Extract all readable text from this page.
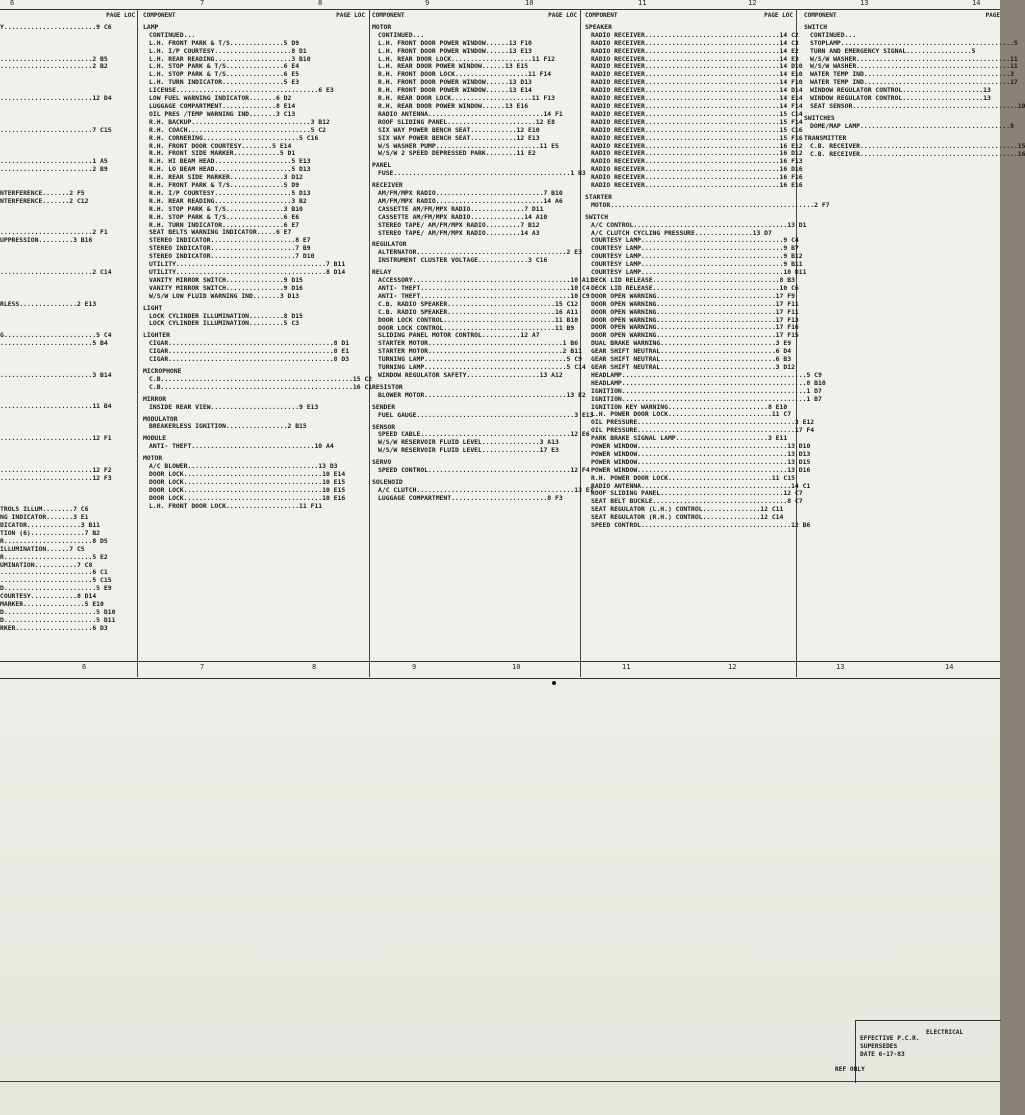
6	7	8	9	10	11	12	13	14
6	7	8	9	10	11	12	13	14
PAGE LOC
Y........................9 C6

........................2 B5
........................2 B2

........................12 D4

........................7 C15

........................1 A5
........................2 B9

NTERFERENCE.......2 F5
NTERFERENCE.......2 C12

........................2 F1
UPPRESSION.........3 B16

........................2 C14

RLESS...............2 E13

G........................5 C4
........................5 B4

........................3 B14

........................11 B4

........................12 F1

........................12 F2
........................12 F3

TROLS ILLUM........7 C6
NG INDICATOR.......3 E1
DICATOR..............3 B11
TION (6)..............7 B2
R.......................8 D5
ILLUMINATION......7 C5
R.......................5 E2
UMINATION...........7 C8
........................6 C1
........................5 C15
D........................5 E9
COURTESY............8 D14
MARKER................5 E10
D........................5 D10
D........................5 D11
RKER....................6 D3
COMPONENT	PAGE LOC
LAMP
CONTINUED...
L.H. FRONT PARK & T/S..............5 D9
L.H. I/P COURTESY....................8 D1
L.H. REAR READING....................3 B10
L.H. STOP PARK & T/S...............6 E4
L.H. STOP PARK & T/S...............6 E5
L.H. TURN INDICATOR................5 E3
LICENSE.....................................6 E3
LOW FUEL WARNING INDICATOR.......6 D2
LUGGAGE COMPARTMENT..............8 E14
OIL PRES /TEMP WARNING IND.......3 C13
R.H. BACKUP...............................3 B12
R.H. COACH................................5 C2
R.H. CORNERING.........................5 C16
R.H. FRONT DOOR COURTESY........5 E14
R.H. FRONT SIDE MARKER............5 D1
R.H. HI BEAM HEAD....................5 E13
R.H. LO BEAM HEAD....................5 D13
R.H. REAR SIDE MARKER..............3 D12
R.H. FRONT PARK & T/S..............5 D9
R.H. I/P COURTESY....................5 D13
R.H. REAR READING....................3 B2
R.H. STOP PARK & T/S...............3 B10
R.H. STOP PARK & T/S...............6 E6
R.H. TURN INDICATOR................6 E7
SEAT BELTS WARNING INDICATOR.....6 E7
STEREO INDICATOR......................8 E7
STEREO INDICATOR......................7 B9
STEREO INDICATOR......................7 D10
UTILITY.......................................7 B11
UTILITY.......................................8 D14
VANITY MIRROR SWITCH...............9 D15
VANITY MIRROR SWITCH...............9 D16
W/S/W LOW FLUID WARNING IND.......3 D13
LIGHT
LOCK CYLINDER ILLUMINATION.........8 D15
LOCK CYLINDER ILLUMINATION.........5 C3
LIGHTER
CIGAR...........................................8 D1
CIGAR...........................................8 E1
CIGAR...........................................8 D3
MICROPHONE
C.B..................................................15 C2
C.B..................................................16 C1
MIRROR
INSIDE REAR VIEW.......................9 E13
MODULATOR
BREAKERLESS IGNITION................2 B15
MODULE
ANTI- THEFT................................10 A4
MOTOR
A/C BLOWER..................................13 D3
DOOR LOCK....................................10 E14
DOOR LOCK....................................10 E15
DOOR LOCK....................................10 E15
DOOR LOCK....................................10 E16
L.H. FRONT DOOR LOCK...................11 F11
COMPONENT	PAGE LOC
MOTOR
CONTINUED...
L.H. FRONT DOOR POWER WINDOW......13 F10
L.H. FRONT DOOR POWER WINDOW......13 E13
L.H. REAR DOOR LOCK.....................11 F12
L.H. REAR DOOR POWER WINDOW......13 E15
R.H. FRONT DOOR LOCK...................11 F14
R.H. FRONT DOOR POWER WINDOW......13 D13
R.H. FRONT DOOR POWER WINDOW......13 E14
R.H. REAR DOOR LOCK.....................11 F13
R.H. REAR DOOR POWER WINDOW......13 E16
RADIO ANTENNA..............................14 F1
ROOF SLIDING PANEL.......................12 E8
SIX WAY POWER BENCH SEAT............12 E10
SIX WAY POWER BENCH SEAT............12 E13
W/S WASHER PUMP...........................11 E5
W/S/W 2 SPEED DEPRESSED PARK........11 E2
PANEL
FUSE..............................................1 B3
RECEIVER
AM/FM/MPX RADIO............................7 B10
AM/FM/MPX RADIO............................14 A6
CASSETTE AM/FM/MPX RADIO..............7 D11
CASSETTE AM/FM/MPX RADIO..............14 A10
STEREO TAPE/ AM/FM/MPX RADIO.........7 B12
STEREO TAPE/ AM/FM/MPX RADIO.........14 A3
REGULATOR
ALTERNATOR.......................................2 E3
INSTRUMENT CLUSTER VOLTAGE.............3 C16
RELAY
ACCESSORY.........................................10 A11
ANTI- THEFT.......................................10 C4
ANTI- THEFT.......................................10 C9
C.B. RADIO SPEAKER............................15 C12
C.B. RADIO SPEAKER............................16 A11
DOOR LOCK CONTROL.............................11 B10
DOOR LOCK CONTROL.............................11 B9
SLIDING PANEL MOTOR CONTROL..........12 A7
STARTER MOTOR...................................1 B6
STARTER MOTOR...................................2 B11
TURNING LAMP.....................................5 C9
TURNING LAMP.....................................5 C14
WINDOW REGULATOR SAFETY...................13 A12
RESISTOR
BLOWER MOTOR.....................................13 E2
SENDER
FUEL GAUGE.........................................3 E13
SENSOR
SPEED CABLE.......................................12 E6
W/S/W RESERVOIR FLUID LEVEL...............3 A13
W/S/W RESERVOIR FLUID LEVEL...............17 E3
SERVO
SPEED CONTROL.....................................12 F4
SOLENOID
A/C CLUTCH.........................................13 E7
LUGGAGE COMPARTMENT.........................8 F3
COMPONENT	PAGE LOC
SPEAKER
RADIO RECEIVER...................................14 C2
RADIO RECEIVER...................................14 C3
RADIO RECEIVER...................................14 E2
RADIO RECEIVER...................................14 E3
RADIO RECEIVER...................................14 D10
RADIO RECEIVER...................................14 E10
RADIO RECEIVER...................................14 F10
RADIO RECEIVER...................................14 D14
RADIO RECEIVER...................................14 E14
RADIO RECEIVER...................................14 F14
RADIO RECEIVER...................................15 C14
RADIO RECEIVER...................................15 F14
RADIO RECEIVER...................................15 C16
RADIO RECEIVER...................................15 F16
RADIO RECEIVER...................................16 E12
RADIO RECEIVER...................................16 D12
RADIO RECEIVER...................................16 F13
RADIO RECEIVER...................................16 D16
RADIO RECEIVER...................................16 F16
RADIO RECEIVER...................................16 E16
STARTER
MOTOR.....................................................2 F7
SWITCH
A/C CONTROL........................................13 D1
A/C CLUTCH CYCLING PRESSURE...............13 D7
COURTESY LAMP.....................................9 C4
COURTESY LAMP.....................................9 B7
COURTESY LAMP.....................................9 B12
COURTESY LAMP.....................................9 B11
COURTESY LAMP.....................................10 D11
DECK LID RELEASE.................................8 B3
DECK LID RELEASE.................................10 C6
DOOR OPEN WARNING...............................17 F9
DOOR OPEN WARNING...............................17 F11
DOOR OPEN WARNING...............................17 F11
DOOR OPEN WARNING...............................17 F13
DOOR OPEN WARNING...............................17 F16
DOOR OPEN WARNING...............................17 F15
DUAL BRAKE WARNING..............................3 E9
GEAR SHIFT NEUTRAL..............................6 D4
GEAR SHIFT NEUTRAL..............................6 B3
GEAR SHIFT NEUTRAL..............................3 D12
HEADLAMP................................................5 C9
HEADLAMP................................................8 B10
IGNITION................................................1 D7
IGNITION................................................1 B7
IGNITION KEY WARNING..........................8 E10
L.H. POWER DOOR LOCK...........................11 C7
OIL PRESSURE.........................................3 E12
OIL PRESSURE.........................................17 F4
PARK BRAKE SIGNAL LAMP........................3 E11
POWER WINDOW.......................................13 D10
POWER WINDOW.......................................13 D13
POWER WINDOW.......................................13 D15
POWER WINDOW.......................................13 D16
R.H. POWER DOOR LOCK...........................11 C15
RADIO ANTENNA.......................................14 C1
ROOF SLIDING PANEL................................12 C7
SEAT BELT BUCKLE...................................8 C7
SEAT REGULATOR (L.H.) CONTROL...............12 C11
SEAT REGULATOR (R.H.) CONTROL...............12 C14
SPEED CONTROL.......................................12 B6
COMPONENT	PAGE
SWITCH
CONTINUED...
STOPLAMP.............................................5
TURN AND EMERGENCY SIGNAL.................5
W/S/W WASHER........................................11
W/S/W WASHER........................................11
WATER TEMP IND......................................3
WATER TEMP IND......................................17
WINDOW REGULATOR CONTROL.....................13
WINDOW REGULATOR CONTROL.....................13
SEAT SENSOR...........................................10
SWITCHES
DOME/MAP LAMP.......................................9
TRANSMITTER
C.B. RECEIVER.........................................15
C.B. RECEIVER.........................................16

ELECTRICAL

EFFECTIVE P.C.R.

SUPERSEDES

DATE 6-17-83

REF ONLY
